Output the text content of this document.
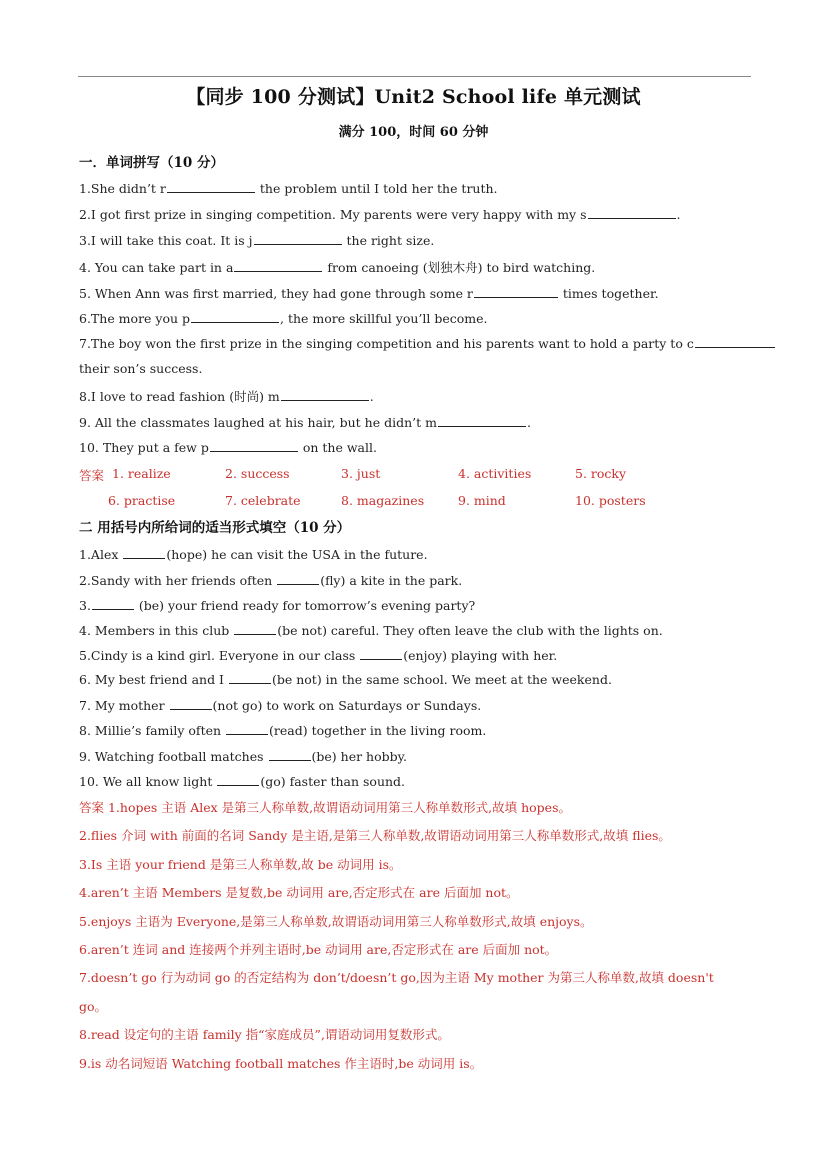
【同步 100 分测试】Unit2 School life 单元测试
满分 100，时间 60 分钟
一．单词拼写（10 分）
1.She didn’t r	the problem until I told her the truth.
2.I got first prize in singing competition. My parents were very happy with my s	.
3.I will take this coat. It is j	the right size.
4. You can take part in a	from canoeing (划独木舟) to bird watching.
5. When Ann was first married, they had gone through some r	times together.
6.The more you p	, the more skillful you’ll become.
7.The boy won the first prize in the singing competition and his parents want to hold a party to c
their son’s success.
8.I love to read fashion (时尚) m	.
9. All the classmates laughed at his hair, but he didn’t m	.
10. They put a few p	on the wall.
答案 1. realize	2. success	3. just	4. activities	5. rocky
6. practise	7. celebrate	8. magazines	9. mind	10. posters
二 用括号内所给词的适当形式填空（10 分）
1.Alex	(hope) he can visit the USA in the future.
2.Sandy with her friends often	(fly) a kite in the park.
3.	(be) your friend ready for tomorrow’s evening party?
4. Members in this club	(be not) careful. They often leave the club with the lights on.
5.Cindy is a kind girl. Everyone in our class	(enjoy) playing with her.
6. My best friend and I	(be not) in the same school. We meet at the weekend.
7. My mother	(not go) to work on Saturdays or Sundays.
8. Millie’s family often	(read) together in the living room.
9. Watching football matches	(be) her hobby.
10. We all know light	(go) faster than sound.
答案 1.hopes 主语 Alex 是第三人称单数,故谓语动词用第三人称单数形式,故填 hopes。
2.flies 介词 with 前面的名词 Sandy 是主语,是第三人称单数,故谓语动词用第三人称单数形式,故填 flies。
3.Is 主语 your friend 是第三人称单数,故 be 动词用 is。
4.aren’t 主语 Members 是复数,be 动词用 are,否定形式在 are 后面加 not。
5.enjoys 主语为 Everyone,是第三人称单数,故谓语动词用第三人称单数形式,故填 enjoys。
6.aren’t 连词 and 连接两个并列主语时,be 动词用 are,否定形式在 are 后面加 not。
7.doesn’t go 行为动词 go 的否定结构为 don’t/doesn’t go,因为主语 My mother 为第三人称单数,故填 doesn't
go。
8.read 设定句的主语 family 指“家庭成员”,谓语动词用复数形式。
9.is 动名词短语 Watching football matches 作主语时,be 动词用 is。
